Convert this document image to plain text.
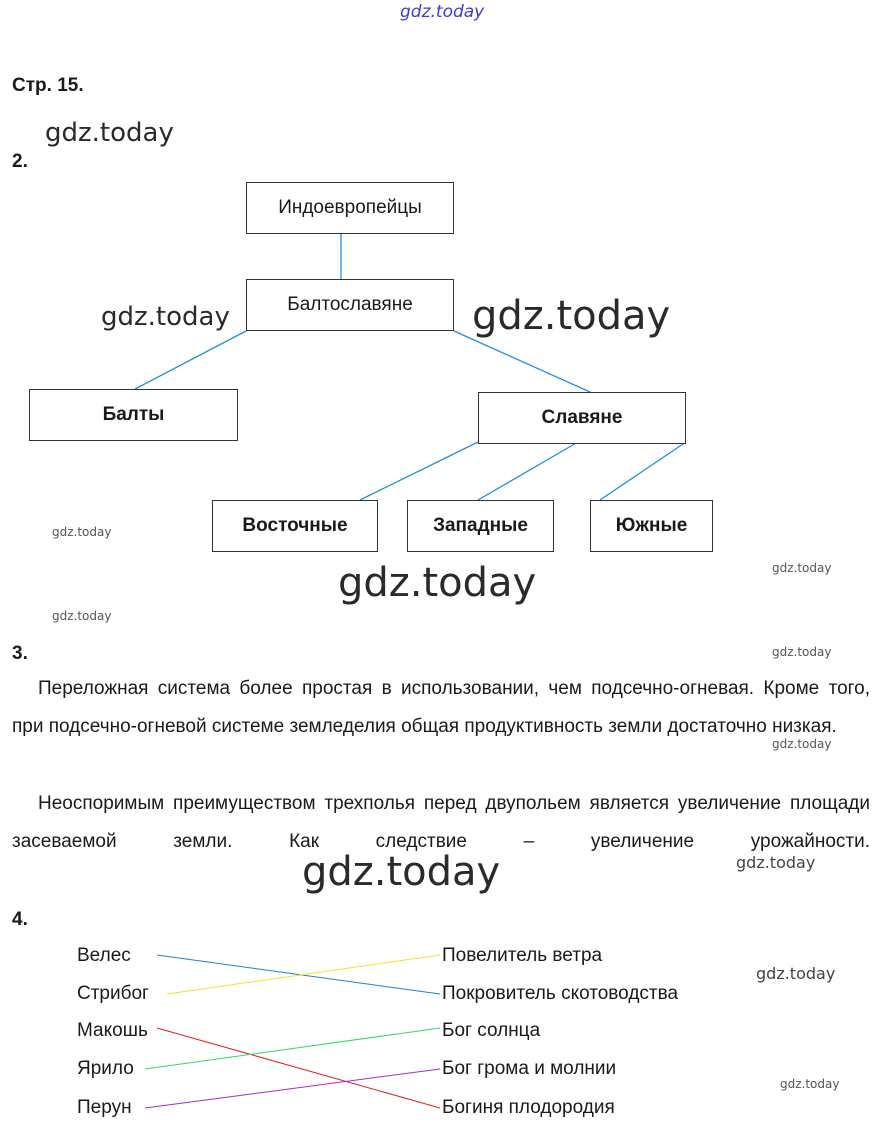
gdz.today
gdz.today
gdz.today	gdz.today
gdz.today
gdz.today	gdz.today
gdz.today
gdz.today
gdz.today
gdz.today
gdz.today
gdz.today
gdz.today
Стр. 15.
2.
3.
4.
Индоевропейцы
Балтославяне
Балты	Славяне
Восточные	Западные	Южные

Переложная система более простая в использовании, чем подсечно-огневая. Кроме того, при подсечно-огневой системе земледелия общая продуктивность земли достаточно низкая.

Неоспоримым преимуществом трехполья перед двупольем является увеличение площади засеваемой земли. Как следствие – увеличение урожайности.

Велес
Стрибог
Макошь
Ярило
Перун
Повелитель ветра
Покровитель скотоводства
Бог солнца
Бог грома и молнии
Богиня плодородия
